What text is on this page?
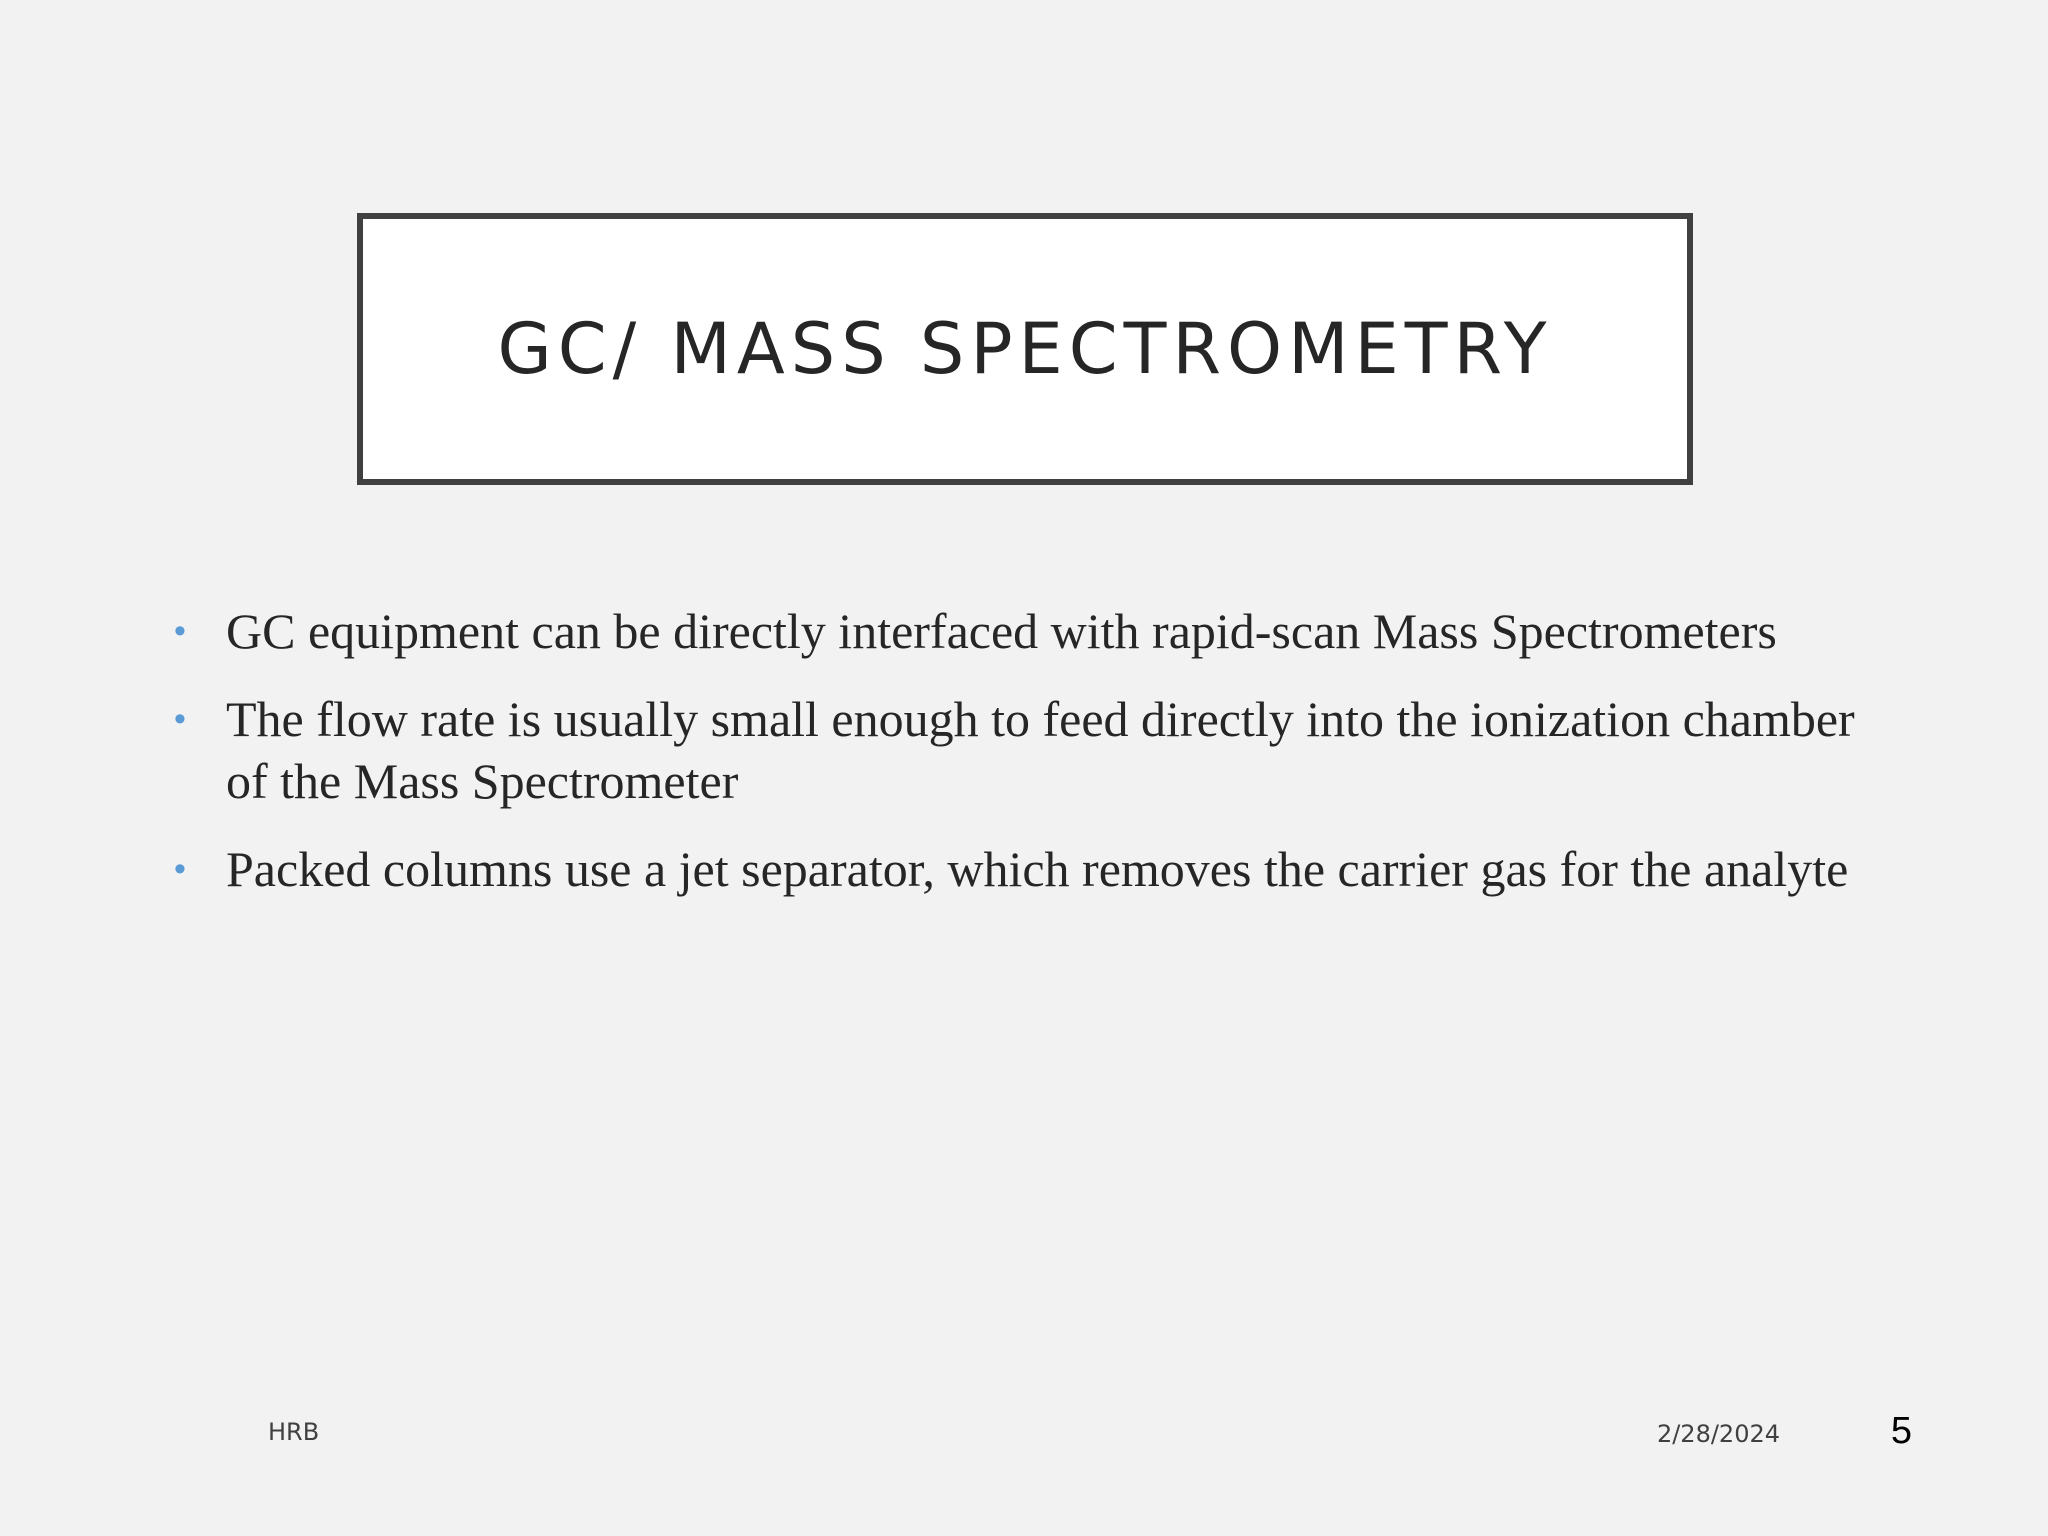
GC/ MASS SPECTROMETRY
• GC equipment can be directly interfaced with rapid-scan Mass Spectrometers
• The flow rate is usually small enough to feed directly into the ionization chamber of the Mass Spectrometer
• Packed columns use a jet separator, which removes the carrier gas for the analyte
HRB	2/28/2024	5
